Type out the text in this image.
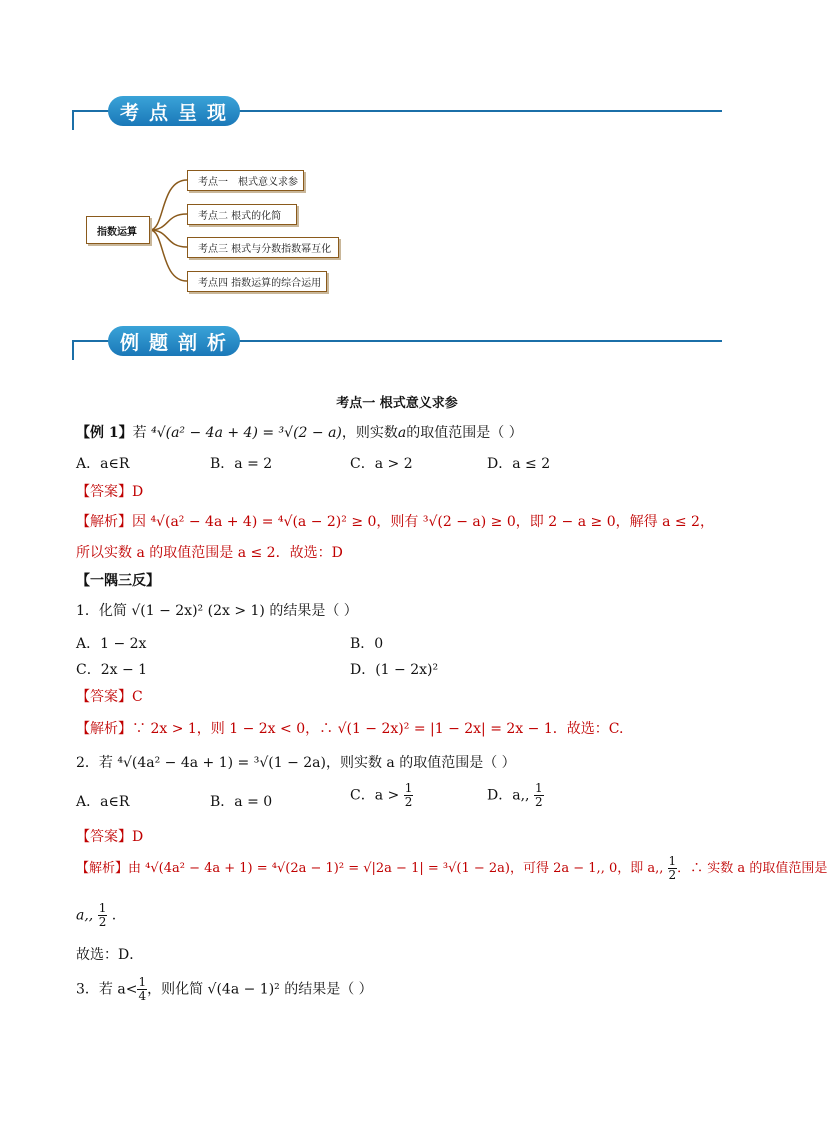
考 点 呈 现
指数运算
考点一　根式意义求参
考点二 根式的化简
考点三 根式与分数指数幂互化
考点四 指数运算的综合运用
例 题 剖 析
考点一 根式意义求参
【例 1】若 ⁴√(a² − 4a + 4) = ³√(2 − a)，则实数a的取值范围是（ ）
A．a∈R	B．a = 2	C．a > 2	D．a ≤ 2
【答案】D
【解析】因 ⁴√(a² − 4a + 4) = ⁴√(a − 2)² ≥ 0，则有 ³√(2 − a) ≥ 0，即 2 − a ≥ 0，解得 a ≤ 2，
所以实数 a 的取值范围是 a ≤ 2．故选：D
【一隅三反】
1．化简 √(1 − 2x)² (2x > 1) 的结果是（ ）
A．1 − 2x	B．0
C．2x − 1	D．(1 − 2x)²
【答案】C
【解析】∵ 2x > 1，则 1 − 2x < 0，∴ √(1 − 2x)² = |1 − 2x| = 2x − 1．故选：C.
2．若 ⁴√(4a² − 4a + 1) = ³√(1 − 2a)，则实数 a 的取值范围是（ ）
A．a∈R	B．a = 0	C．$a > \frac{1}{2}$	D．a,, $\frac{1}{2}$
【答案】D
【解析】由 ⁴√(4a² − 4a + 1) = ⁴√(2a − 1)² = √|2a − 1| = ³√(1 − 2a)，可得 2a − 1,, 0，即 a,, $\frac{1}{2}$ ．∴ 实数 a 的取值范围是
a,, $\frac{1}{2}$ .
故选：D．
3．若 $a< \frac{1}{4}$ ，则化简 √(4a − 1)² 的结果是（ ）
